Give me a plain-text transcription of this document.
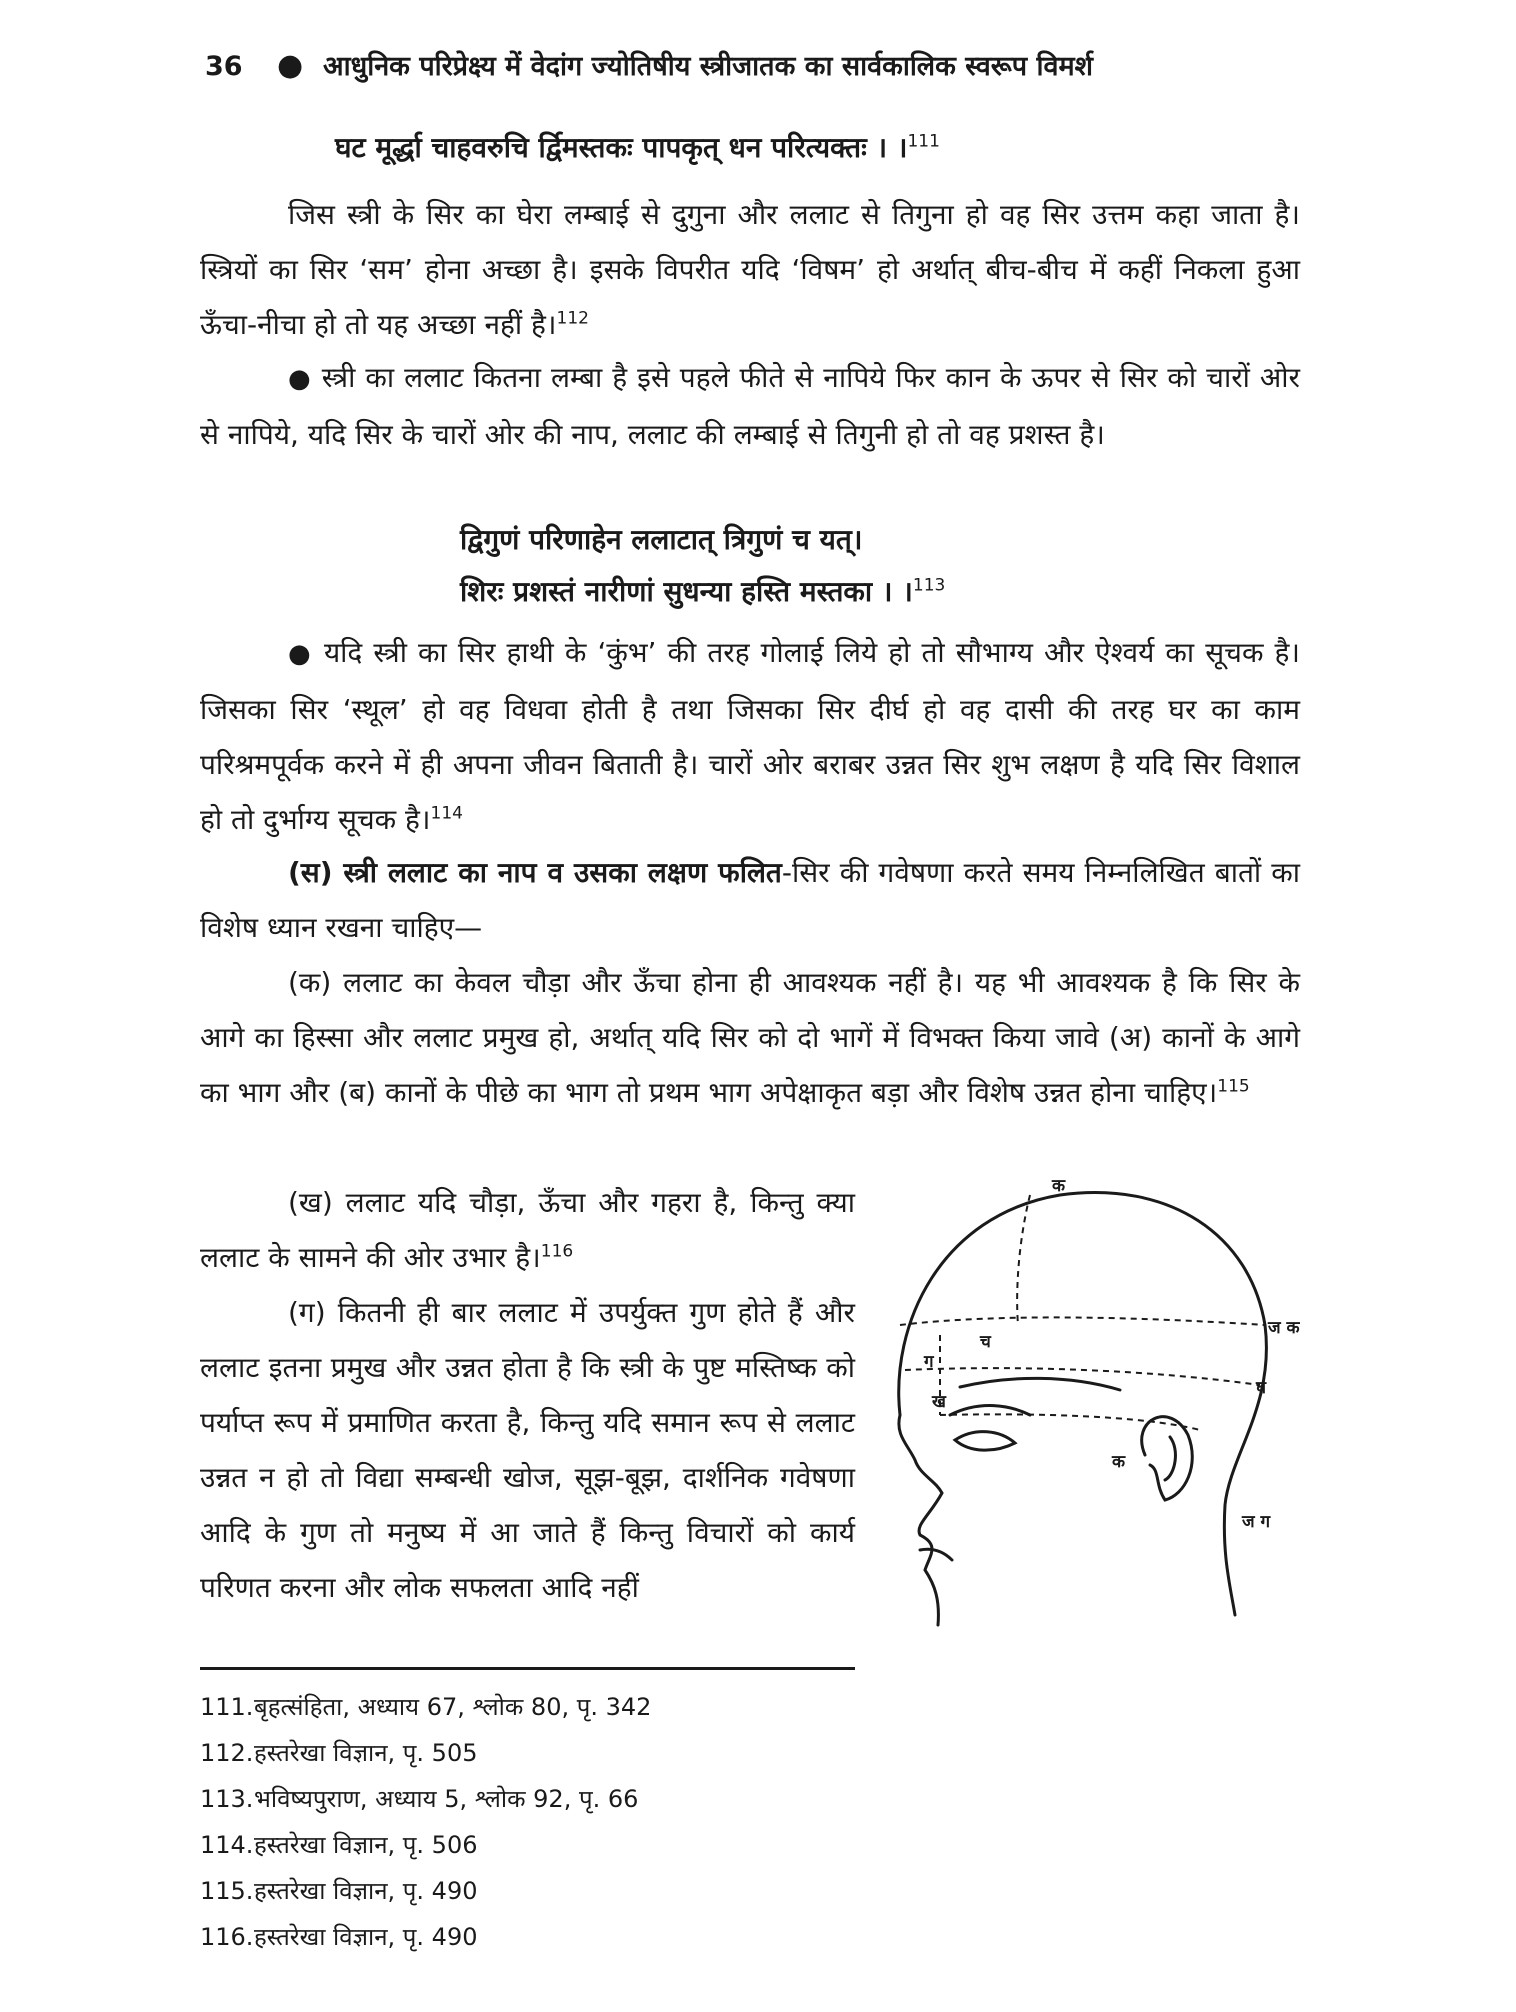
36 ● आधुनिक परिप्रेक्ष्य में वेदांग ज्योतिषीय स्त्रीजातक का सार्वकालिक स्वरूप विमर्श
घट मूर्द्धा चाहवरुचि र्द्विमस्तकः पापकृत् धन परित्यक्तः । ।$^{111}$
जिस स्त्री के सिर का घेरा लम्बाई से दुगुना और ललाट से तिगुना हो वह सिर उत्तम कहा जाता है। स्त्रियों का सिर ‘सम’ होना अच्छा है। इसके विपरीत यदि ‘विषम’ हो अर्थात् बीच-बीच में कहीं निकला हुआ ऊँचा-नीचा हो तो यह अच्छा नहीं है।$^{112}$
● स्त्री का ललाट कितना लम्बा है इसे पहले फीते से नापिये फिर कान के ऊपर से सिर को चारों ओर से नापिये, यदि सिर के चारों ओर की नाप, ललाट की लम्बाई से तिगुनी हो तो वह प्रशस्त है।
द्विगुणं परिणाहेन ललाटात् त्रिगुणं च यत्।
शिरः प्रशस्तं नारीणां सुधन्या हस्ति मस्तका । ।$^{113}$
● यदि स्त्री का सिर हाथी के ‘कुंभ’ की तरह गोलाई लिये हो तो सौभाग्य और ऐश्वर्य का सूचक है। जिसका सिर ‘स्थूल’ हो वह विधवा होती है तथा जिसका सिर दीर्घ हो वह दासी की तरह घर का काम परिश्रमपूर्वक करने में ही अपना जीवन बिताती है। चारों ओर बराबर उन्नत सिर शुभ लक्षण है यदि सिर विशाल हो तो दुर्भाग्य सूचक है।$^{114}$
(स) स्त्री ललाट का नाप व उसका लक्षण फलित-सिर की गवेषणा करते समय निम्नलिखित बातों का विशेष ध्यान रखना चाहिए—
(क) ललाट का केवल चौड़ा और ऊँचा होना ही आवश्यक नहीं है। यह भी आवश्यक है कि सिर के आगे का हिस्सा और ललाट प्रमुख हो, अर्थात् यदि सिर को दो भागें में विभक्त किया जावे (अ) कानों के आगे का भाग और (ब) कानों के पीछे का भाग तो प्रथम भाग अपेक्षाकृत बड़ा और विशेष उन्नत होना चाहिए।$^{115}$
(ख) ललाट यदि चौड़ा, ऊँचा और गहरा है, किन्तु क्या ललाट के सामने की ओर उभार है।$^{116}$
(ग) कितनी ही बार ललाट में उपर्युक्त गुण होते हैं और ललाट इतना प्रमुख और उन्नत होता है कि स्त्री के पुष्ट मस्तिष्क को पर्याप्त रूप में प्रमाणित करता है, किन्तु यदि समान रूप से ललाट उन्नत न हो तो विद्या सम्बन्धी खोज, सूझ-बूझ, दार्शनिक गवेषणा आदि के गुण तो मनुष्य में आ जाते हैं किन्तु विचारों को कार्य परिणत करना और लोक सफलता आदि नहीं
क
च
ग
ख
ज क
घ
क
ज ग
111.बृहत्संहिता, अध्याय 67, श्लोक 80, पृ. 342
112.हस्तरेखा विज्ञान, पृ. 505
113.भविष्यपुराण, अध्याय 5, श्लोक 92, पृ. 66
114.हस्तरेखा विज्ञान, पृ. 506
115.हस्तरेखा विज्ञान, पृ. 490
116.हस्तरेखा विज्ञान, पृ. 490
